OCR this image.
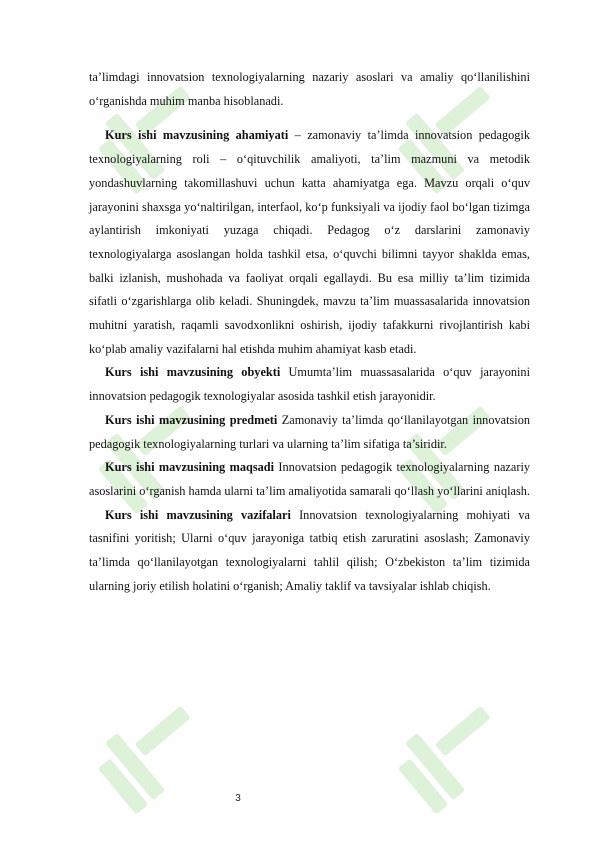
ta’limdagi innovatsion texnologiyalarning nazariy asoslari va amaliy qo‘llanilishini o‘rganishda muhim manba hisoblanadi.

Kurs ishi mavzusining ahamiyati – zamonaviy ta’limda innovatsion pedagogik texnologiyalarning roli – o‘qituvchilik amaliyoti, ta’lim mazmuni va metodik yondashuvlarning takomillashuvi uchun katta ahamiyatga ega. Mavzu orqali o‘quv jarayonini shaxsga yo‘naltirilgan, interfaol, ko‘p funksiyali va ijodiy faol bo‘lgan tizimga aylantirish imkoniyati yuzaga chiqadi. Pedagog o‘z darslarini zamonaviy texnologiyalarga asoslangan holda tashkil etsa, o‘quvchi bilimni tayyor shaklda emas, balki izlanish, mushohada va faoliyat orqali egallaydi. Bu esa milliy ta’lim tizimida sifatli o‘zgarishlarga olib keladi. Shuningdek, mavzu ta’lim muassasalarida innovatsion muhitni yaratish, raqamli savodxonlikni oshirish, ijodiy tafakkurni rivojlantirish kabi ko‘plab amaliy vazifalarni hal etishda muhim ahamiyat kasb etadi.

Kurs ishi mavzusining obyekti Umumta’lim muassasalarida o‘quv jarayonini innovatsion pedagogik texnologiyalar asosida tashkil etish jarayonidir.

Kurs ishi mavzusining predmeti Zamonaviy ta’limda qo‘llanilayotgan innovatsion pedagogik texnologiyalarning turlari va ularning ta’lim sifatiga ta’siridir.

Kurs ishi mavzusining maqsadi Innovatsion pedagogik texnologiyalarning nazariy asoslarini o‘rganish hamda ularni ta’lim amaliyotida samarali qo‘llash yo‘llarini aniqlash.

Kurs ishi mavzusining vazifalari Innovatsion texnologiyalarning mohiyati va tasnifini yoritish; Ularni o‘quv jarayoniga tatbiq etish zaruratini asoslash; Zamonaviy ta’limda qo‘llanilayotgan texnologiyalarni tahlil qilish; O‘zbekiston ta’lim tizimida ularning joriy etilish holatini o‘rganish; Amaliy taklif va tavsiyalar ishlab chiqish.

3
